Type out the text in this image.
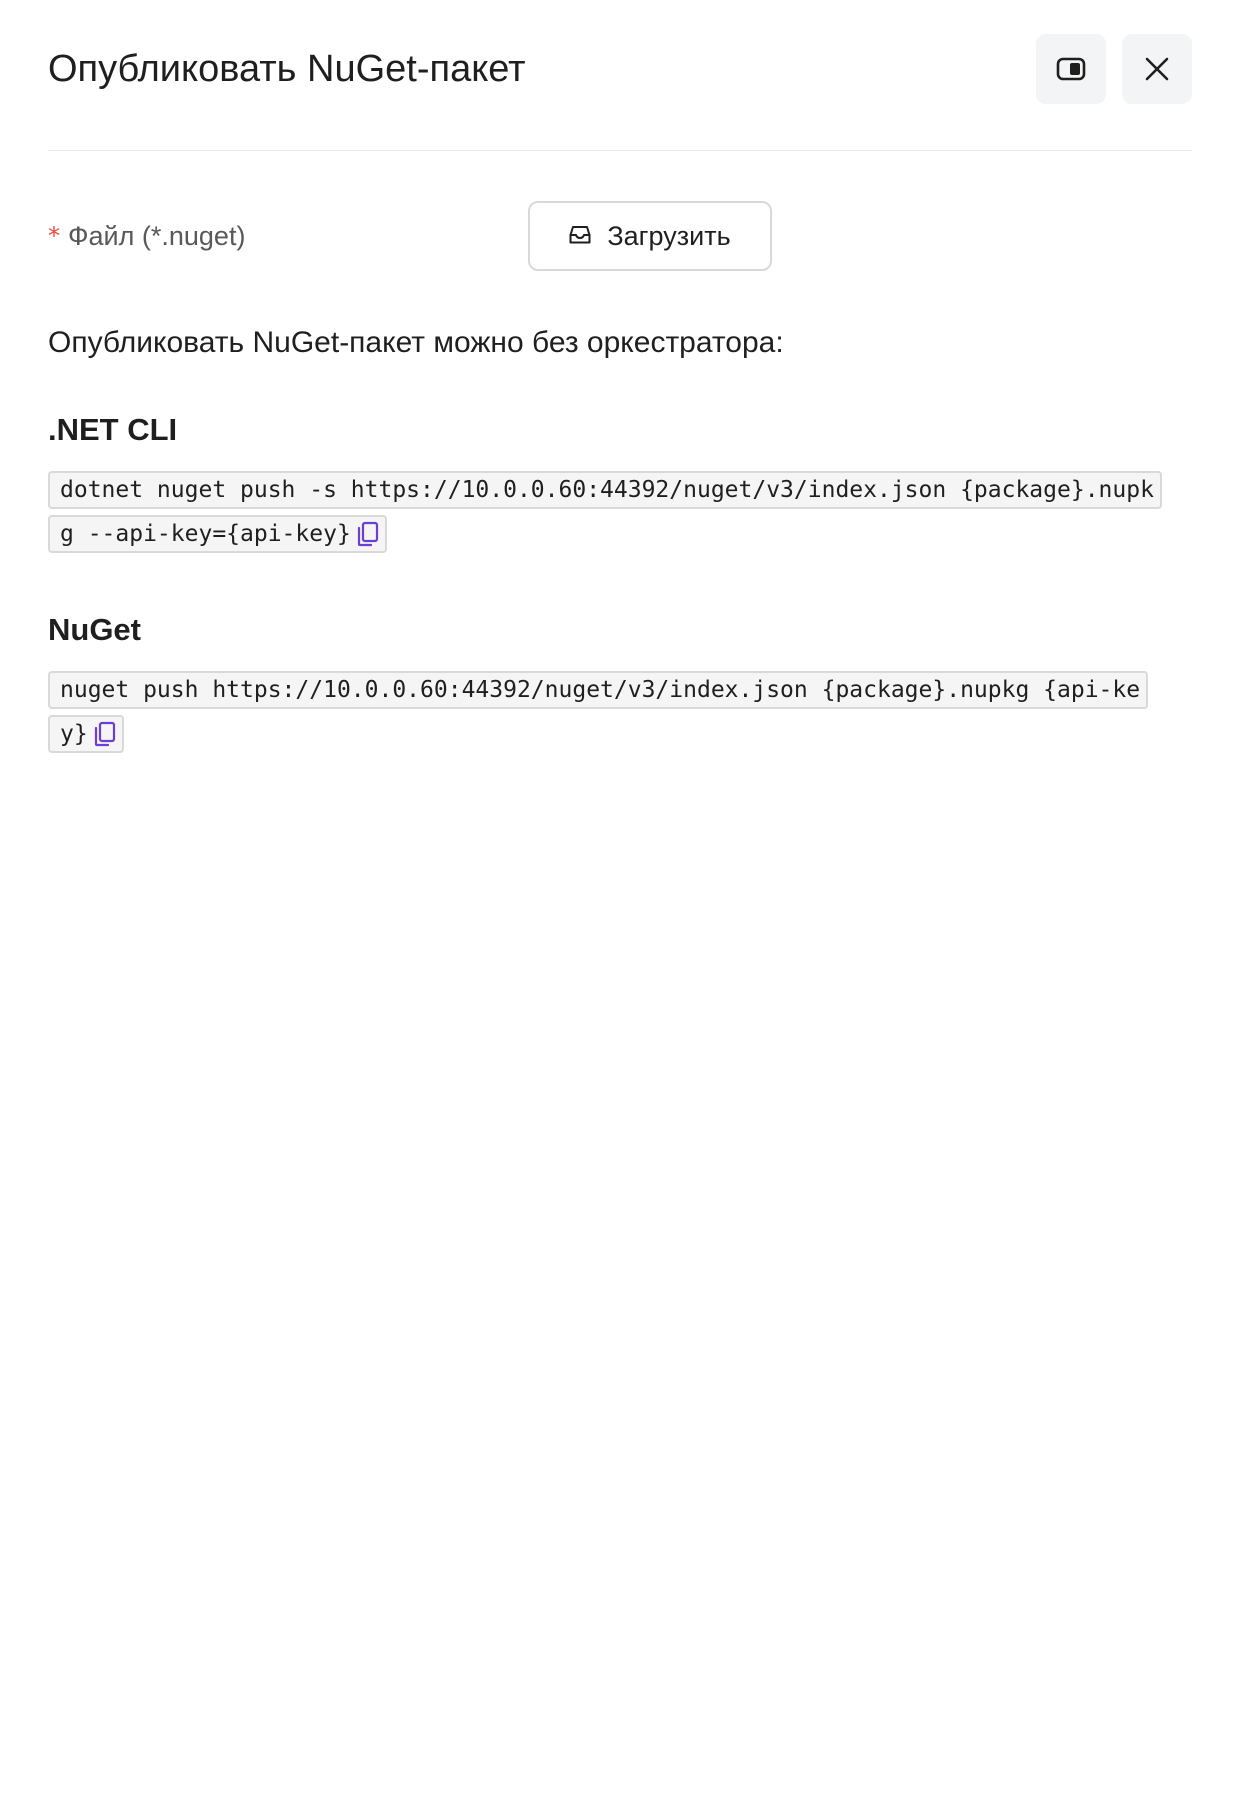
Опубликовать NuGet-пакет
* Файл (*.nuget)	Загрузить

Опубликовать NuGet-пакет можно без оркестратора:

.NET CLI
dotnet nuget push -s https://10.0.0.60:44392/nuget/v3/index.json {package}.nupkg --api-key={api-key}
NuGet
nuget push https://10.0.0.60:44392/nuget/v3/index.json {package}.nupkg {api-key}
